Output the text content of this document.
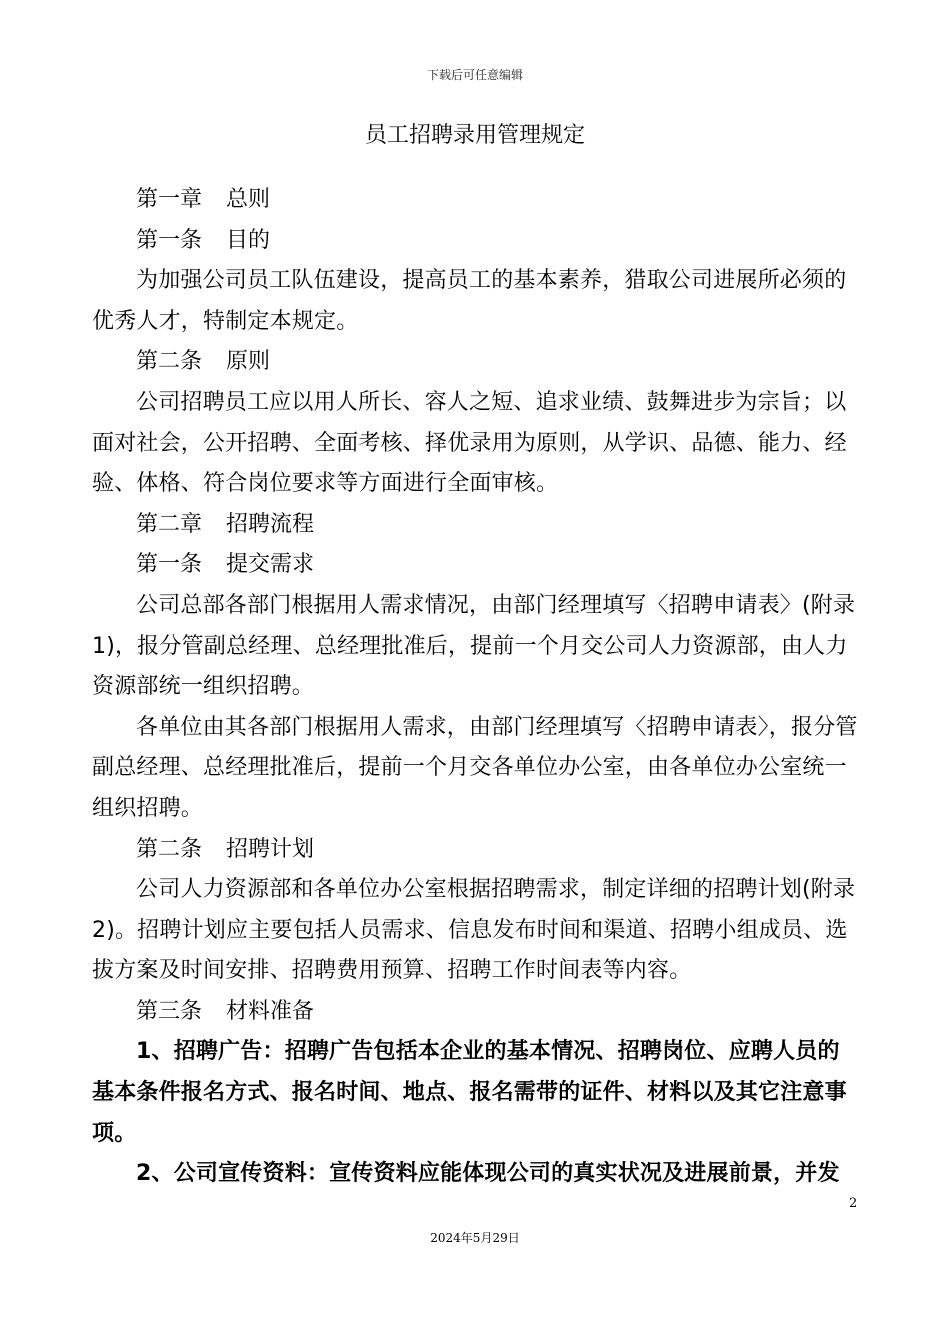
下载后可任意编辑
员工招聘录用管理规定
第一章 总则
第一条 目的
为加强公司员工队伍建设，提高员工的基本素养，猎取公司进展所必须的优秀人才，特制定本规定。
第二条 原则
公司招聘员工应以用人所长、容人之短、追求业绩、鼓舞进步为宗旨；以面对社会，公开招聘、全面考核、择优录用为原则，从学识、品德、能力、经验、体格、符合岗位要求等方面进行全面审核。
第二章 招聘流程
第一条 提交需求
公司总部各部门根据用人需求情况，由部门经理填写〈招聘申请表〉(附录1)，报分管副总经理、总经理批准后，提前一个月交公司人力资源部，由人力资源部统一组织招聘。
各单位由其各部门根据用人需求，由部门经理填写〈招聘申请表〉，报分管副总经理、总经理批准后，提前一个月交各单位办公室，由各单位办公室统一组织招聘。
第二条 招聘计划
公司人力资源部和各单位办公室根据招聘需求，制定详细的招聘计划(附录2)。招聘计划应主要包括人员需求、信息发布时间和渠道、招聘小组成员、选拔方案及时间安排、招聘费用预算、招聘工作时间表等内容。
第三条 材料准备
1、招聘广告：招聘广告包括本企业的基本情况、招聘岗位、应聘人员的基本条件报名方式、报名时间、地点、报名需带的证件、材料以及其它注意事项。
2、公司宣传资料：宣传资料应能体现公司的真实状况及进展前景，并发
2
2024年5月29日
